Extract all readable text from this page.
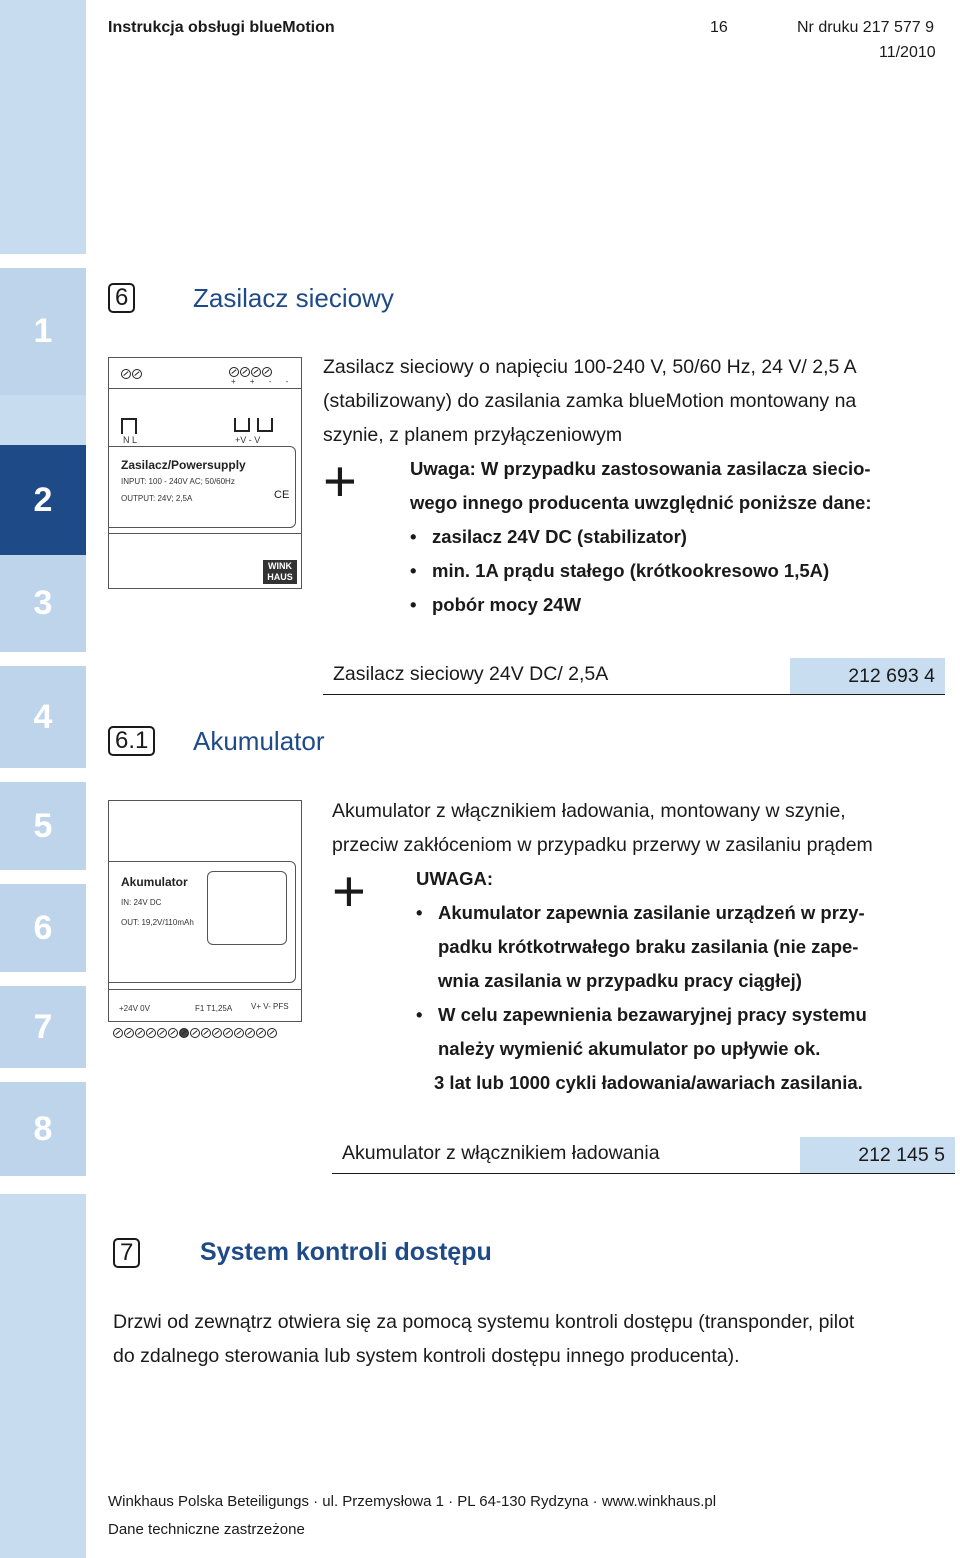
1
2
3
4
5
6
7
8
Instrukcja obsługi blueMotion	16	Nr druku 217 577 9
11/2010
6 Zasilacz sieciowy
+ + - -
N L	+V - V
Zasilacz/Powersupply
INPUT: 100 - 240V AC; 50/60Hz
OUTPUT: 24V; 2,5A	CE
WINK
HAUS
Zasilacz sieciowy o napięciu 100-240 V, 50/60 Hz, 24 V/ 2,5 A
(stabilizowany) do zasilania zamka blueMotion montowany na
szynie, z planem przyłączeniowym
+	Uwaga: W przypadku zastosowania zasilacza siecio-
wego innego producenta uwzględnić poniższe dane:
• zasilacz 24V DC (stabilizator)
• min. 1A prądu stałego (krótkookresowo 1,5A)
• pobór mocy 24W
Zasilacz sieciowy 24V DC/ 2,5A	212 693 4
6.1 Akumulator
Akumulator
IN: 24V DC
OUT: 19,2V/110mAh
+24V 0V	F1 T1,25A V+ V- PFS
Akumulator z włącznikiem ładowania, montowany w szynie,
przeciw zakłóceniom w przypadku przerwy w zasilaniu prądem
+	UWAGA:
• Akumulator zapewnia zasilanie urządzeń w przy-
padku krótkotrwałego braku zasilania (nie zape-
wnia zasilania w przypadku pracy ciągłej)
• W celu zapewnienia bezawaryjnej pracy systemu
należy wymienić akumulator po upływie ok.
3 lat lub 1000 cykli ładowania/awariach zasilania.
Akumulator z włącznikiem ładowania	212 145 5
7	System kontroli dostępu
Drzwi od zewnątrz otwiera się za pomocą systemu kontroli dostępu (transponder, pilot
do zdalnego sterowania lub system kontroli dostępu innego producenta).
Winkhaus Polska Beteiligungs · ul. Przemysłowa 1 · PL 64-130 Rydzyna · www.winkhaus.pl
Dane techniczne zastrzeżone
